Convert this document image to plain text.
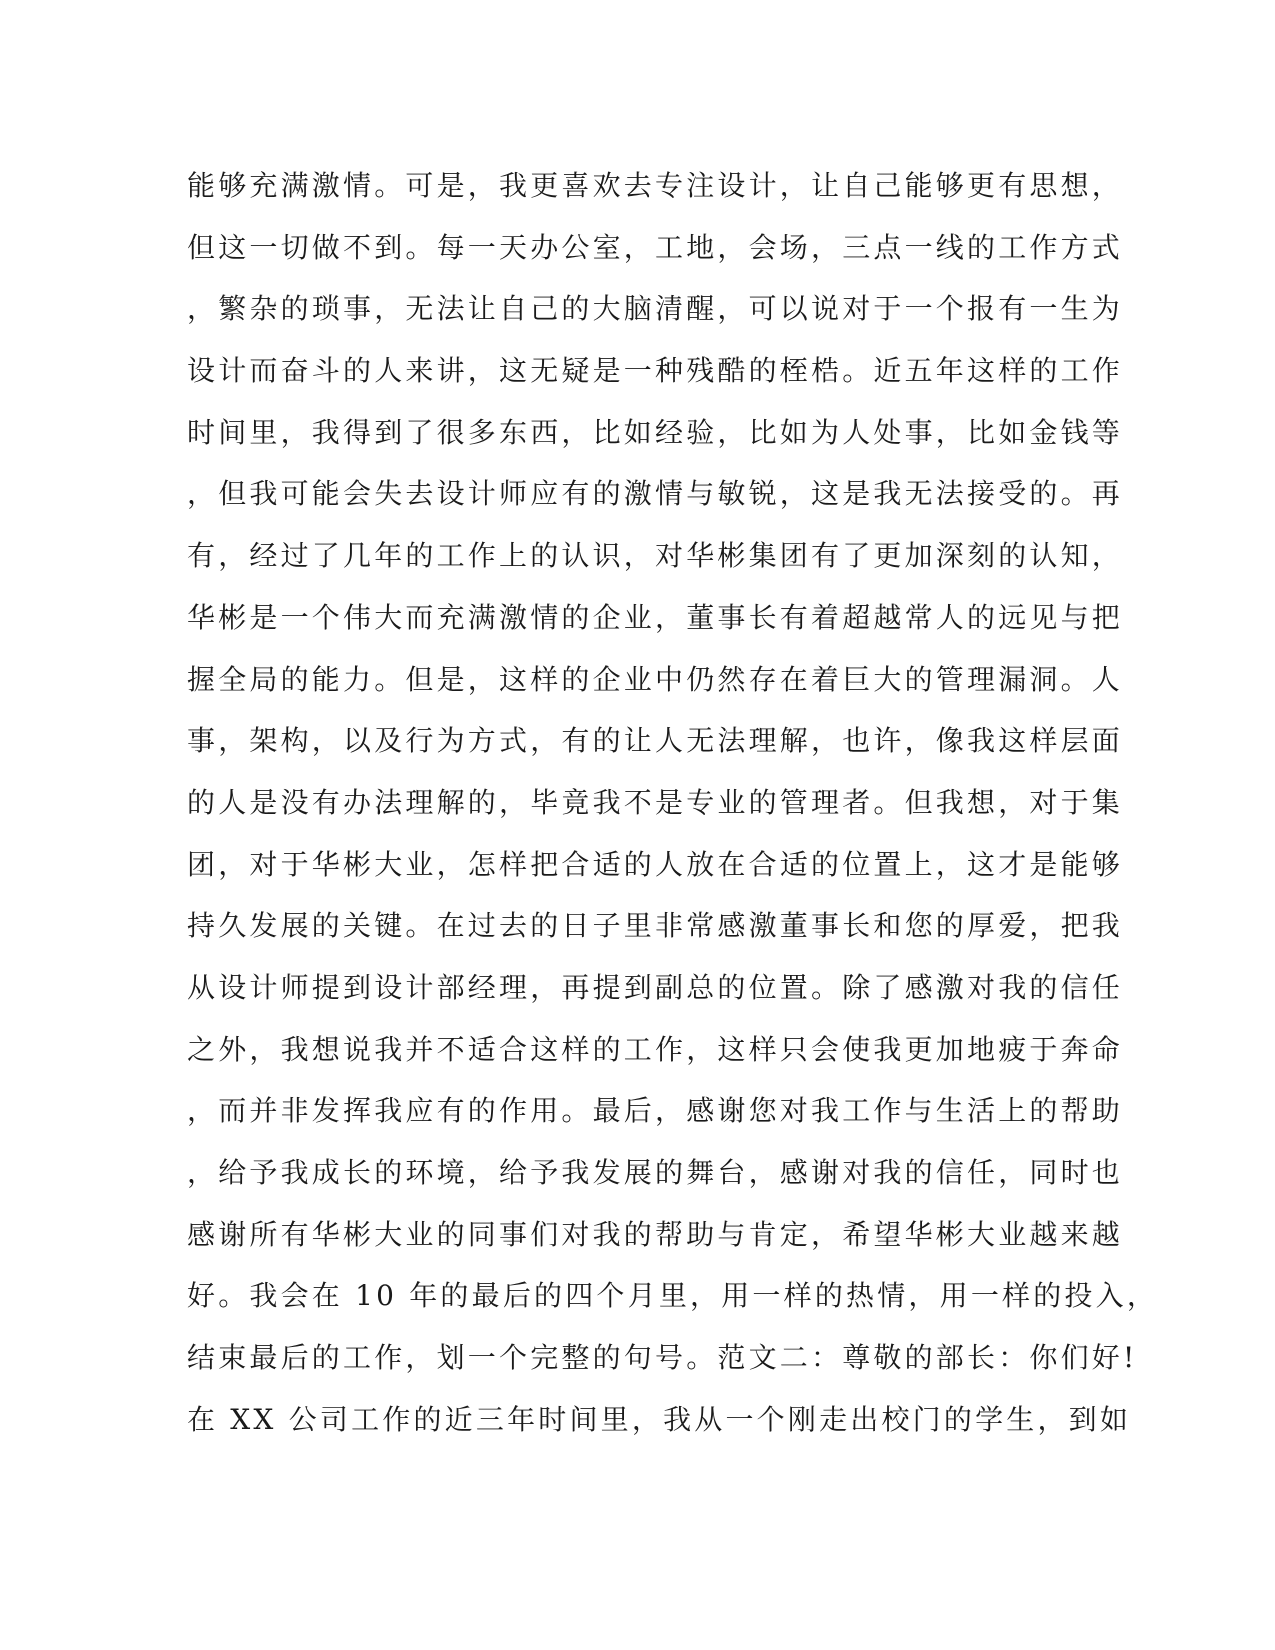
能够充满激情。可是，我更喜欢去专注设计，让自己能够更有思想，
但这一切做不到。每一天办公室，工地，会场，三点一线的工作方式
，繁杂的琐事，无法让自己的大脑清醒，可以说对于一个报有一生为
设计而奋斗的人来讲，这无疑是一种残酷的桎梏。近五年这样的工作
时间里，我得到了很多东西，比如经验，比如为人处事，比如金钱等
，但我可能会失去设计师应有的激情与敏锐，这是我无法接受的。再
有，经过了几年的工作上的认识，对华彬集团有了更加深刻的认知，
华彬是一个伟大而充满激情的企业，董事长有着超越常人的远见与把
握全局的能力。但是，这样的企业中仍然存在着巨大的管理漏洞。人
事，架构，以及行为方式，有的让人无法理解，也许，像我这样层面
的人是没有办法理解的，毕竟我不是专业的管理者。但我想，对于集
团，对于华彬大业，怎样把合适的人放在合适的位置上，这才是能够
持久发展的关键。在过去的日子里非常感激董事长和您的厚爱，把我
从设计师提到设计部经理，再提到副总的位置。除了感激对我的信任
之外，我想说我并不适合这样的工作，这样只会使我更加地疲于奔命
，而并非发挥我应有的作用。最后，感谢您对我工作与生活上的帮助
，给予我成长的环境，给予我发展的舞台，感谢对我的信任，同时也
感谢所有华彬大业的同事们对我的帮助与肯定，希望华彬大业越来越
好。我会在 10 年的最后的四个月里，用一样的热情，用一样的投入，
结束最后的工作，划一个完整的句号。范文二：尊敬的部长：你们好!
在 XX 公司工作的近三年时间里，我从一个刚走出校门的学生，到如
